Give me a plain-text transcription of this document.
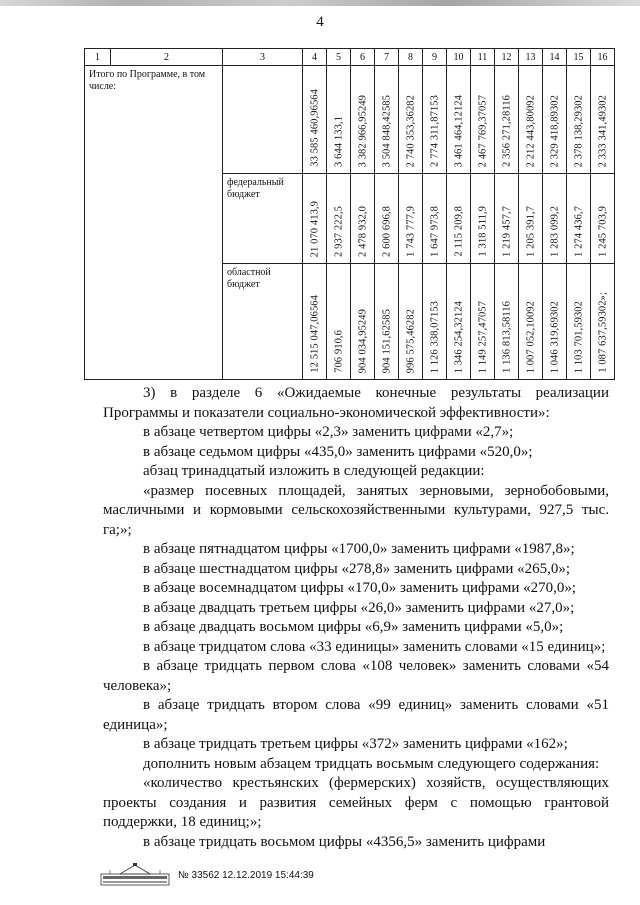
4
1	2	3	4	5	6	7	8	9	10	11	12	13	14	15	16
Итого по Программе, в том числе:			33 585 460,96564	3 644 133,1	3 382 966,95249	3 504 848,42585	2 740 353,36282	2 774 311,87153	3 461 464,12124	2 467 769,37057	2 356 271,28116	2 212 443,80092	2 329 418,89302	2 378 138,29302	2 333 341,49302

		федеральный бюджет	21 070 413,9	2 937 222,5	2 478 932,0	2 600 696,8	1 743 777,9	1 647 973,8	2 115 209,8	1 318 511,9	1 219 457,7	1 205 391,7	1 283 099,2	1 274 436,7	1 245 703,9

		областной бюджет	12 515 047,06564	706 910,6	904 034,95249	904 151,62585	996 575,46282	1 126 338,07153	1 346 254,32124	1 149 257,47057	1 136 813,58116	1 007 052,10092	1 046 319,69302	1 103 701,59302	1 087 637,59302»;

3) в разделе 6 «Ожидаемые конечные результаты реализации Программы и показатели социально-экономической эффективности»:

в абзаце четвертом цифры «2,3» заменить цифрами «2,7»;

в абзаце седьмом цифры «435,0» заменить цифрами «520,0»;

абзац тринадцатый изложить в следующей редакции:

«размер посевных площадей, занятых зерновыми, зернобобовыми, масличными и кормовыми сельскохозяйственными культурами, 927,5 тыс. га;»;

в абзаце пятнадцатом цифры «1700,0» заменить цифрами «1987,8»;

в абзаце шестнадцатом цифры «278,8» заменить цифрами «265,0»;

в абзаце восемнадцатом цифры «170,0» заменить цифрами «270,0»;

в абзаце двадцать третьем цифры «26,0» заменить цифрами «27,0»;

в абзаце двадцать восьмом цифры «6,9» заменить цифрами «5,0»;

в абзаце тридцатом слова «33 единицы» заменить словами «15 единиц»;

в абзаце тридцать первом слова «108 человек» заменить словами «54 человека»;

в абзаце тридцать втором слова «99 единиц» заменить словами «51 единица»;

в абзаце тридцать третьем цифры «372» заменить цифрами «162»;

дополнить новым абзацем тридцать восьмым следующего содержания:

«количество крестьянских (фермерских) хозяйств, осуществляющих проекты создания и развития семейных ферм с помощью грантовой поддержки, 18 единиц;»;

в абзаце тридцать восьмом цифры «4356,5» заменить цифрами

№ 33562 12.12.2019 15:44:39
